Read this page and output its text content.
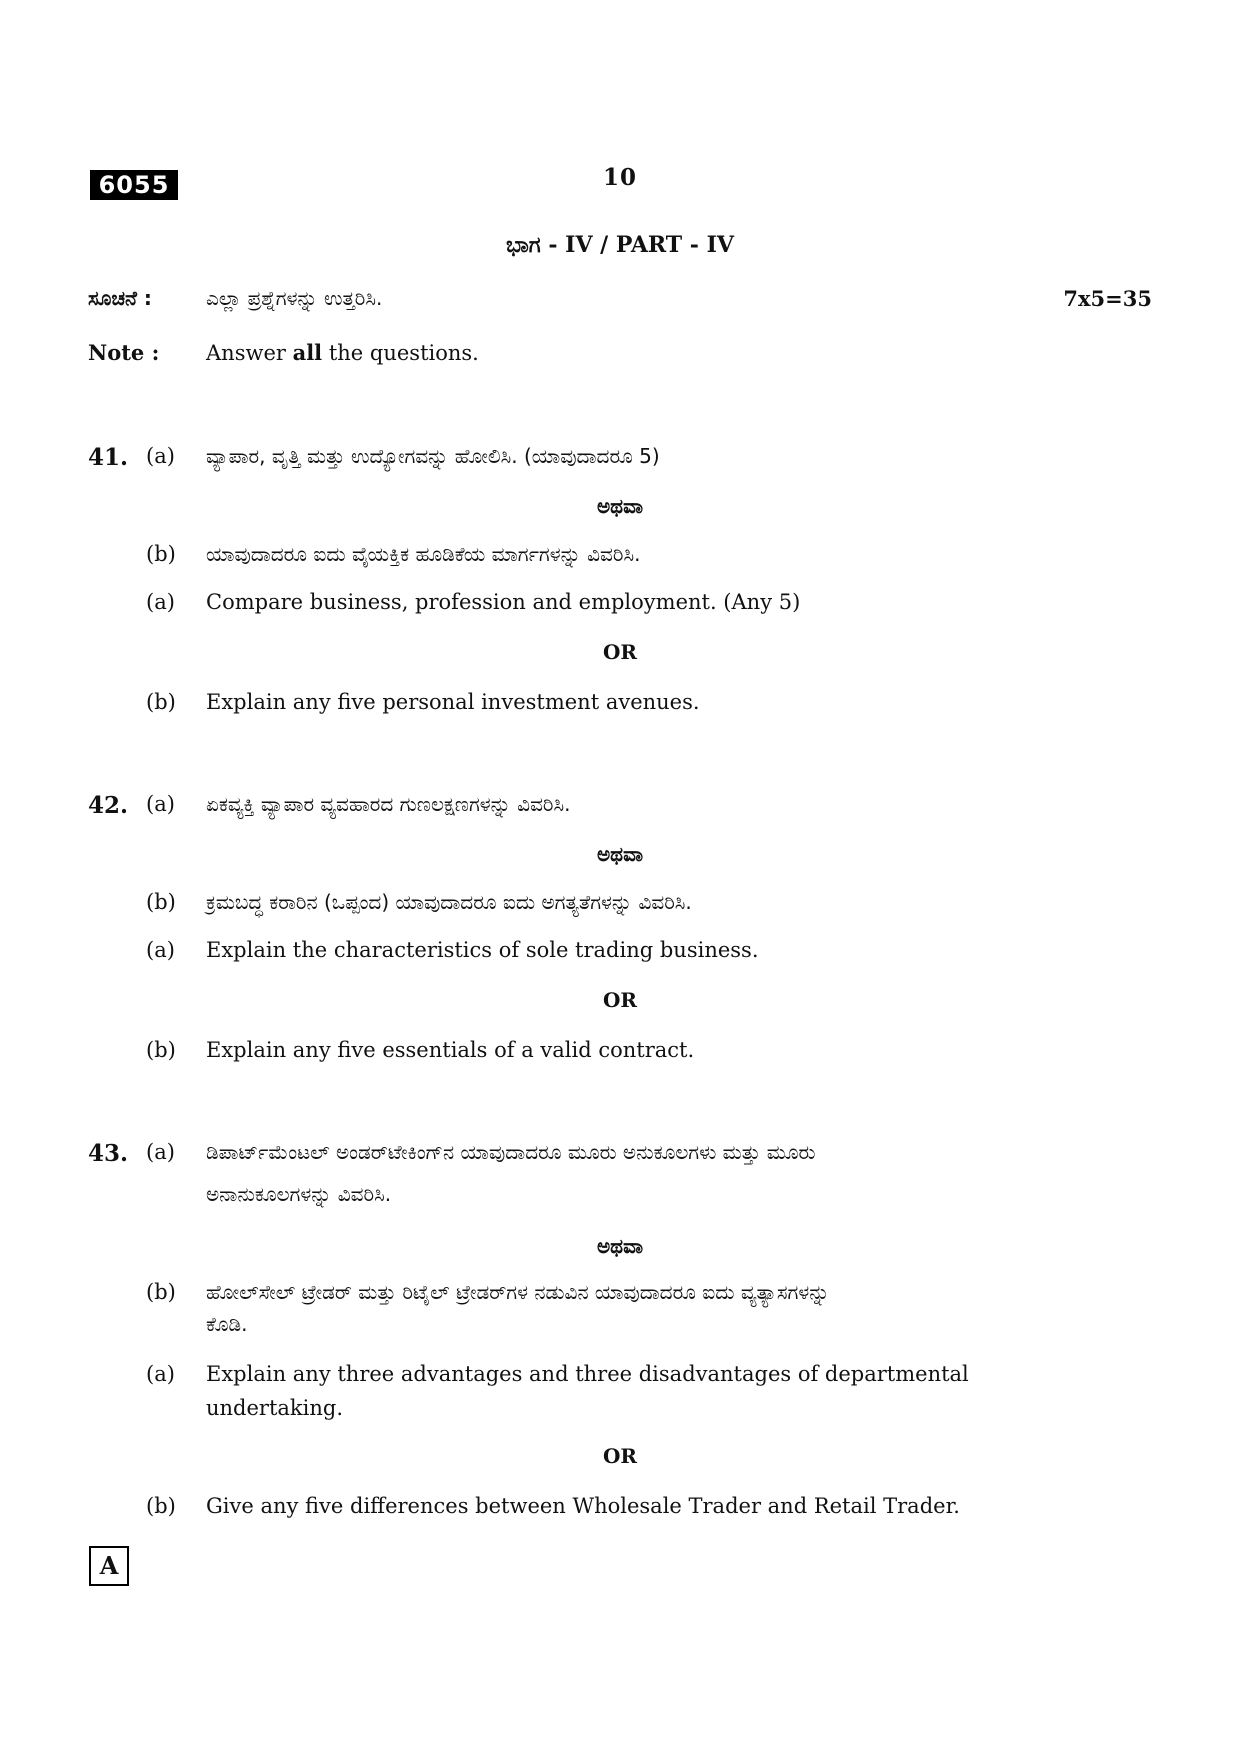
6055	10
ಭಾಗ - IV / PART - IV
ಸೂಚನೆ :	ಎಲ್ಲಾ ಪ್ರಶ್ನೆಗಳನ್ನು ಉತ್ತರಿಸಿ.	7x5=35
Note : Answer all the questions.
41. (a) ವ್ಯಾಪಾರ, ವೃತ್ತಿ ಮತ್ತು ಉದ್ಯೋಗವನ್ನು ಹೋಲಿಸಿ. (ಯಾವುದಾದರೂ 5)
ಅಥವಾ
(b) ಯಾವುದಾದರೂ ಐದು ವೈಯಕ್ತಿಕ ಹೂಡಿಕೆಯ ಮಾರ್ಗಗಳನ್ನು ವಿವರಿಸಿ.
(a) Compare business, profession and employment. (Any 5)
OR
(b) Explain any five personal investment avenues.
42. (a) ಏಕವ್ಯಕ್ತಿ ವ್ಯಾಪಾರ ವ್ಯವಹಾರದ ಗುಣಲಕ್ಷಣಗಳನ್ನು ವಿವರಿಸಿ.
ಅಥವಾ
(b) ಕ್ರಮಬದ್ಧ ಕರಾರಿನ (ಒಪ್ಪಂದ) ಯಾವುದಾದರೂ ಐದು ಅಗತ್ಯತೆಗಳನ್ನು ವಿವರಿಸಿ.
(a) Explain the characteristics of sole trading business.
OR
(b) Explain any five essentials of a valid contract.
43. (a) ಡಿಪಾರ್ಟ್‌ಮೆಂಟಲ್ ಅಂಡರ್‌ಟೇಕಿಂಗ್‌ನ ಯಾವುದಾದರೂ ಮೂರು ಅನುಕೂಲಗಳು ಮತ್ತು ಮೂರು
ಅನಾನುಕೂಲಗಳನ್ನು ವಿವರಿಸಿ.
ಅಥವಾ
(b) ಹೋಲ್‌ಸೇಲ್ ಟ್ರೇಡರ್ ಮತ್ತು ರಿಟೈಲ್ ಟ್ರೇಡರ್‌ಗಳ ನಡುವಿನ ಯಾವುದಾದರೂ ಐದು ವ್ಯತ್ಯಾಸಗಳನ್ನು
ಕೊಡಿ.
(a) Explain any three advantages and three disadvantages of departmental
undertaking.
OR
(b) Give any five differences between Wholesale Trader and Retail Trader.
A
